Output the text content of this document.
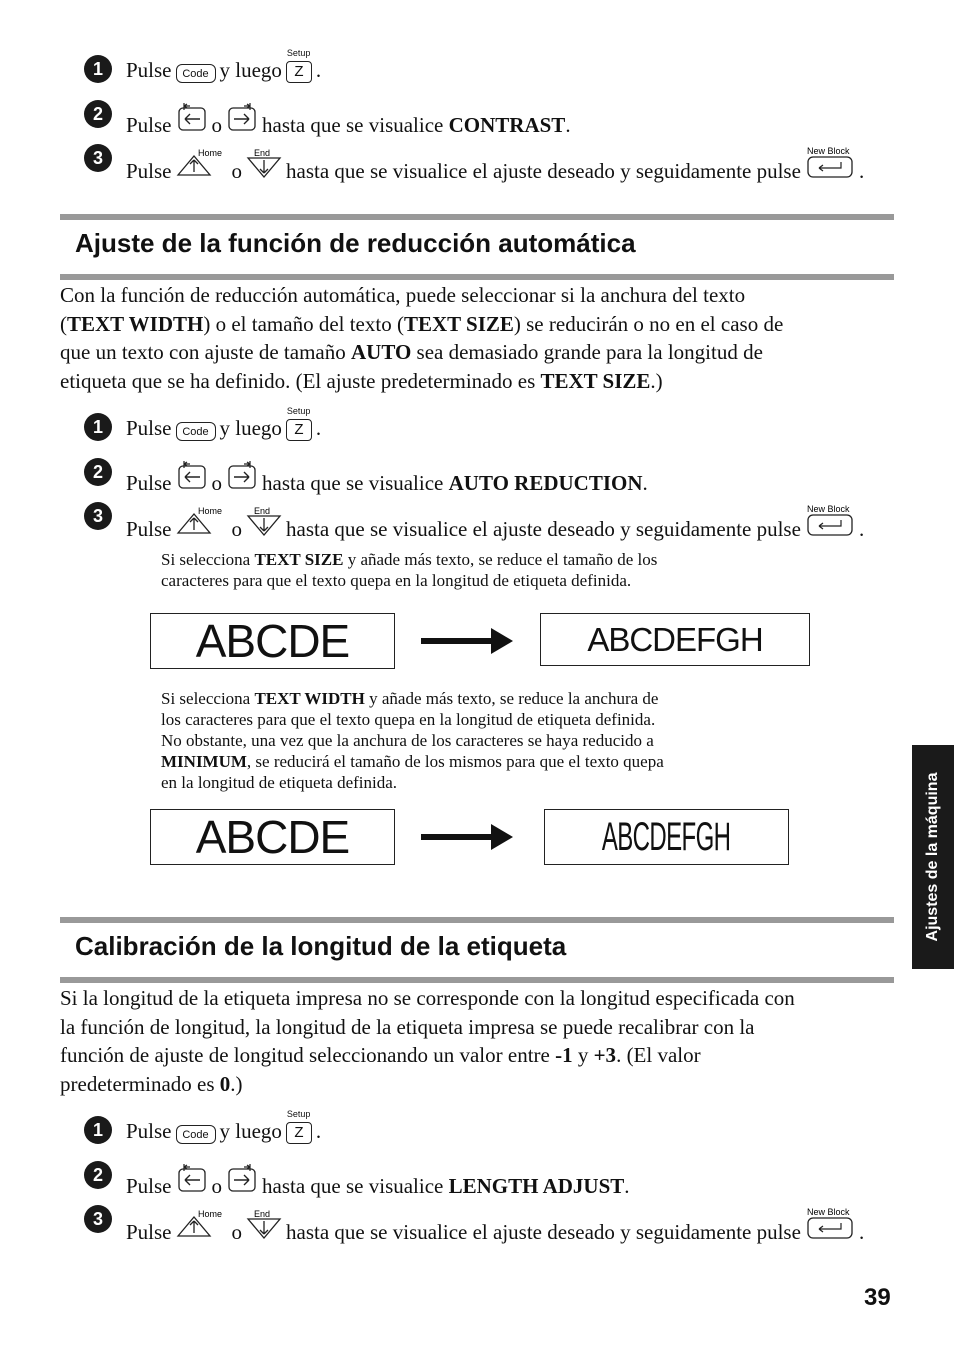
1	Pulse Code y luego
Setup
Z .
2	Pulse o hasta que se visualice
CONTRAST .
3
Pulse
Home
o
End
hasta que se visualice el ajuste deseado y seguidamente pulse
New Block
.
Ajuste de la función de reducción automática
Con la función de reducción automática, puede seleccionar si la anchura del texto
(TEXT WIDTH) o el tamaño del texto (TEXT SIZE) se reducirán o no en el caso de
que un texto con ajuste de tamaño AUTO sea demasiado grande para la longitud de
etiqueta que se ha definido. (El ajuste predeterminado es TEXT SIZE.)
1	Pulse Code y luego
Setup
Z .
2	Pulse o hasta que se visualice
AUTO REDUCTION .
3
Pulse
Home
o
End
hasta que se visualice el ajuste deseado y seguidamente pulse
New Block
.
Si selecciona TEXT SIZE y añade más texto, se reduce el tamaño de los
caracteres para que el texto quepa en la longitud de etiqueta definida.
ABCDE	ABCDEFGH
Si selecciona TEXT WIDTH y añade más texto, se reduce la anchura de
los caracteres para que el texto quepa en la longitud de etiqueta definida.
No obstante, una vez que la anchura de los caracteres se haya reducido a
MINIMUM, se reducirá el tamaño de los mismos para que el texto quepa
en la longitud de etiqueta definida.
ABCDE	ABCDEFGH
Calibración de la longitud de la etiqueta
Si la longitud de la etiqueta impresa no se corresponde con la longitud especificada con
la función de longitud, la longitud de la etiqueta impresa se puede recalibrar con la
función de ajuste de longitud seleccionando un valor entre -1 y +3. (El valor
predeterminado es 0.)
1	Pulse Code y luego
Setup
Z .
2	Pulse o hasta que se visualice
LENGTH ADJUST .
3
Pulse
Home
o
End
hasta que se visualice el ajuste deseado y seguidamente pulse
New Block
.
Ajustes de la máquina
39
